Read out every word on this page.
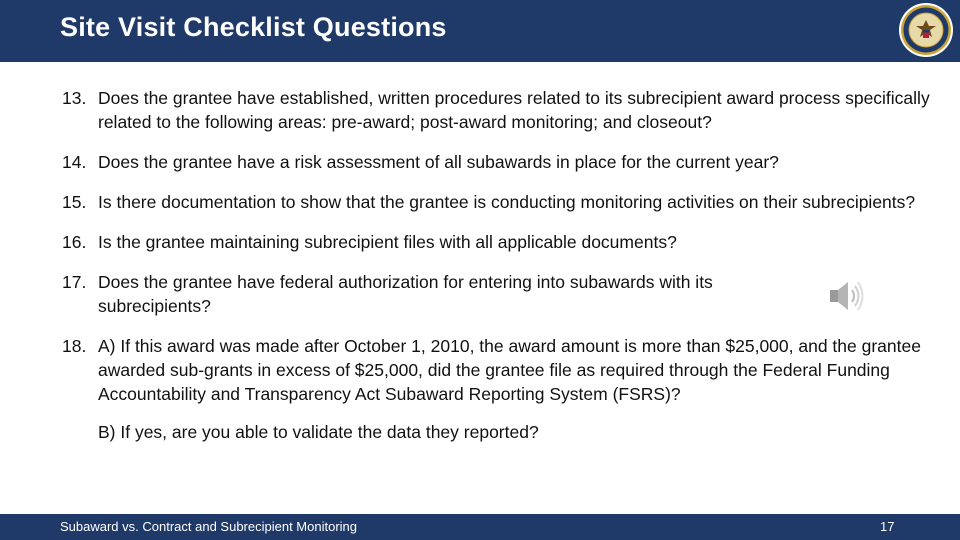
Site Visit Checklist Questions
13. Does the grantee have established, written procedures related to its subrecipient award process specifically related to the following areas: pre-award; post-award monitoring; and closeout?
14. Does the grantee have a risk assessment of all subawards in place for the current year?
15. Is there documentation to show that the grantee is conducting monitoring activities on their subrecipients?
16. Is the grantee maintaining subrecipient files with all applicable documents?
17. Does the grantee have federal authorization for entering into subawards with its subrecipients?
18. A) If this award was made after October 1, 2010, the award amount is more than $25,000, and the grantee awarded sub-grants in excess of $25,000, did the grantee file as required through the Federal Funding Accountability and Transparency Act Subaward Reporting System (FSRS)?
B) If yes, are you able to validate the data they reported?
Subaward vs. Contract and Subrecipient Monitoring	17
